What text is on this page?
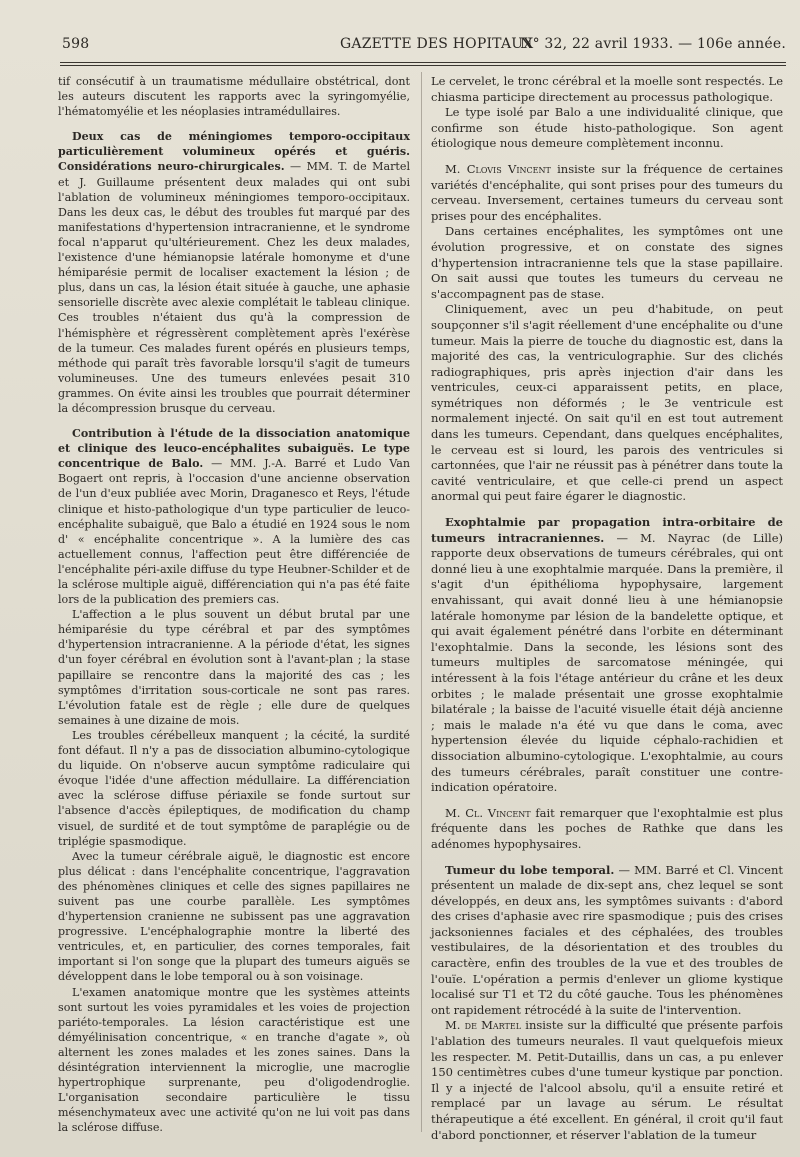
598	GAZETTE DES HOPITAUX
N° 32, 22 avril 1933. — 106e année.

tif consécutif à un traumatisme médullaire obstétrical, dont les auteurs discutent les rapports avec la syringomyélie, l'hématomyélie et les néoplasies intramédullaires.

Deux cas de méningiomes temporo-occipitaux particulièrement volumineux opérés et guéris. Considérations neuro-chirurgicales. — MM. T. de Martel et J. Guillaume présentent deux malades qui ont subi l'ablation de volumineux méningiomes temporo-occipitaux. Dans les deux cas, le début des troubles fut marqué par des manifestations d'hypertension intracranienne, et le syndrome focal n'apparut qu'ultérieurement. Chez les deux malades, l'existence d'une hémianopsie latérale homonyme et d'une hémiparésie permit de localiser exactement la lésion ; de plus, dans un cas, la lésion était située à gauche, une aphasie sensorielle discrète avec alexie complétait le tableau clinique. Ces troubles n'étaient dus qu'à la compression de l'hémisphère et régressèrent complètement après l'exérèse de la tumeur. Ces malades furent opérés en plusieurs temps, méthode qui paraît très favorable lorsqu'il s'agit de tumeurs volumineuses. Une des tumeurs enlevées pesait 310 grammes. On évite ainsi les troubles que pourrait déterminer la décompression brusque du cerveau.

Contribution à l'étude de la dissociation anatomique et clinique des leuco-encéphalites subaiguës. Le type concentrique de Balo. — MM. J.-A. Barré et Ludo Van Bogaert ont repris, à l'occasion d'une ancienne observation de l'un d'eux publiée avec Morin, Draganesco et Reys, l'étude clinique et histo-pathologique d'un type particulier de leuco-encéphalite subaiguë, que Balo a étudié en 1924 sous le nom d' « encéphalite concentrique ». A la lumière des cas actuellement connus, l'affection peut être différenciée de l'encéphalite péri-axile diffuse du type Heubner-Schilder et de la sclérose multiple aiguë, différenciation qui n'a pas été faite lors de la publication des premiers cas.

L'affection a le plus souvent un début brutal par une hémiparésie du type cérébral et par des symptômes d'hypertension intracranienne. A la période d'état, les signes d'un foyer cérébral en évolution sont à l'avant-plan ; la stase papillaire se rencontre dans la majorité des cas ; les symptômes d'irritation sous-corticale ne sont pas rares. L'évolution fatale est de règle ; elle dure de quelques semaines à une dizaine de mois.

Les troubles cérébelleux manquent ; la cécité, la surdité font défaut. Il n'y a pas de dissociation albumino-cytologique du liquide. On n'observe aucun symptôme radiculaire qui évoque l'idée d'une affection médullaire. La différenciation avec la sclérose diffuse périaxile se fonde surtout sur l'absence d'accès épileptiques, de modification du champ visuel, de surdité et de tout symptôme de paraplégie ou de triplégie spasmodique.

Avec la tumeur cérébrale aiguë, le diagnostic est encore plus délicat : dans l'encéphalite concentrique, l'aggravation des phénomènes cliniques et celle des signes papillaires ne suivent pas une courbe parallèle. Les symptômes d'hypertension cranienne ne subissent pas une aggravation progressive. L'encéphalographie montre la liberté des ventricules, et, en particulier, des cornes temporales, fait important si l'on songe que la plupart des tumeurs aiguës se développent dans le lobe temporal ou à son voisinage.

L'examen anatomique montre que les systèmes atteints sont surtout les voies pyramidales et les voies de projection pariéto-temporales. La lésion caractéristique est une démyélinisation concentrique, « en tranche d'agate », où alternent les zones malades et les zones saines. Dans la désintégration interviennent la microglie, une macroglie hypertrophique surprenante, peu d'oligodendroglie. L'organisation secondaire particulière le tissu mésenchymateux avec une activité qu'on ne lui voit pas dans la sclérose diffuse.

Le cervelet, le tronc cérébral et la moelle sont respectés. Le chiasma participe directement au processus pathologique.

Le type isolé par Balo a une individualité clinique, que confirme son étude histo-pathologique. Son agent étiologique nous demeure complètement inconnu.

M. Clovis Vincent insiste sur la fréquence de certaines variétés d'encéphalite, qui sont prises pour des tumeurs du cerveau. Inversement, certaines tumeurs du cerveau sont prises pour des encéphalites.

Dans certaines encéphalites, les symptômes ont une évolution progressive, et on constate des signes d'hypertension intracranienne tels que la stase papillaire. On sait aussi que toutes les tumeurs du cerveau ne s'accompagnent pas de stase.

Cliniquement, avec un peu d'habitude, on peut soupçonner s'il s'agit réellement d'une encéphalite ou d'une tumeur. Mais la pierre de touche du diagnostic est, dans la majorité des cas, la ventriculographie. Sur des clichés radiographiques, pris après injection d'air dans les ventricules, ceux-ci apparaissent petits, en place, symétriques non déformés ; le 3e ventricule est normalement injecté. On sait qu'il en est tout autrement dans les tumeurs. Cependant, dans quelques encéphalites, le cerveau est si lourd, les parois des ventricules si cartonnées, que l'air ne réussit pas à pénétrer dans toute la cavité ventriculaire, et que celle-ci prend un aspect anormal qui peut faire égarer le diagnostic.

Exophtalmie par propagation intra-orbitaire de tumeurs intracraniennes. — M. Nayrac (de Lille) rapporte deux observations de tumeurs cérébrales, qui ont donné lieu à une exophtalmie marquée. Dans la première, il s'agit d'un épithélioma hypophysaire, largement envahissant, qui avait donné lieu à une hémianopsie latérale homonyme par lésion de la bandelette optique, et qui avait également pénétré dans l'orbite en déterminant l'exophtalmie. Dans la seconde, les lésions sont des tumeurs multiples de sarcomatose méningée, qui intéressent à la fois l'étage antérieur du crâne et les deux orbites ; le malade présentait une grosse exophtalmie bilatérale ; la baisse de l'acuité visuelle était déjà ancienne ; mais le malade n'a été vu que dans le coma, avec hypertension élevée du liquide céphalo-rachidien et dissociation albumino-cytologique. L'exophtalmie, au cours des tumeurs cérébrales, paraît constituer une contre-indication opératoire.

M. Cl. Vincent fait remarquer que l'exophtalmie est plus fréquente dans les poches de Rathke que dans les adénomes hypophysaires.

Tumeur du lobe temporal. — MM. Barré et Cl. Vincent présentent un malade de dix-sept ans, chez lequel se sont développés, en deux ans, les symptômes suivants : d'abord des crises d'aphasie avec rire spasmodique ; puis des crises jacksoniennes faciales et des céphalées, des troubles vestibulaires, de la désorientation et des troubles du caractère, enfin des troubles de la vue et des troubles de l'ouïe. L'opération a permis d'enlever un gliome kystique localisé sur T1 et T2 du côté gauche. Tous les phénomènes ont rapidement rétrocédé à la suite de l'intervention.

M. de Martel insiste sur la difficulté que présente parfois l'ablation des tumeurs neurales. Il vaut quelquefois mieux les respecter. M. Petit-Dutaillis, dans un cas, a pu enlever 150 centimètres cubes d'une tumeur kystique par ponction. Il y a injecté de l'alcool absolu, qu'il a ensuite retiré et remplacé par un lavage au sérum. Le résultat thérapeutique a été excellent. En général, il croit qu'il faut d'abord ponctionner, et réserver l'ablation de la tumeur
